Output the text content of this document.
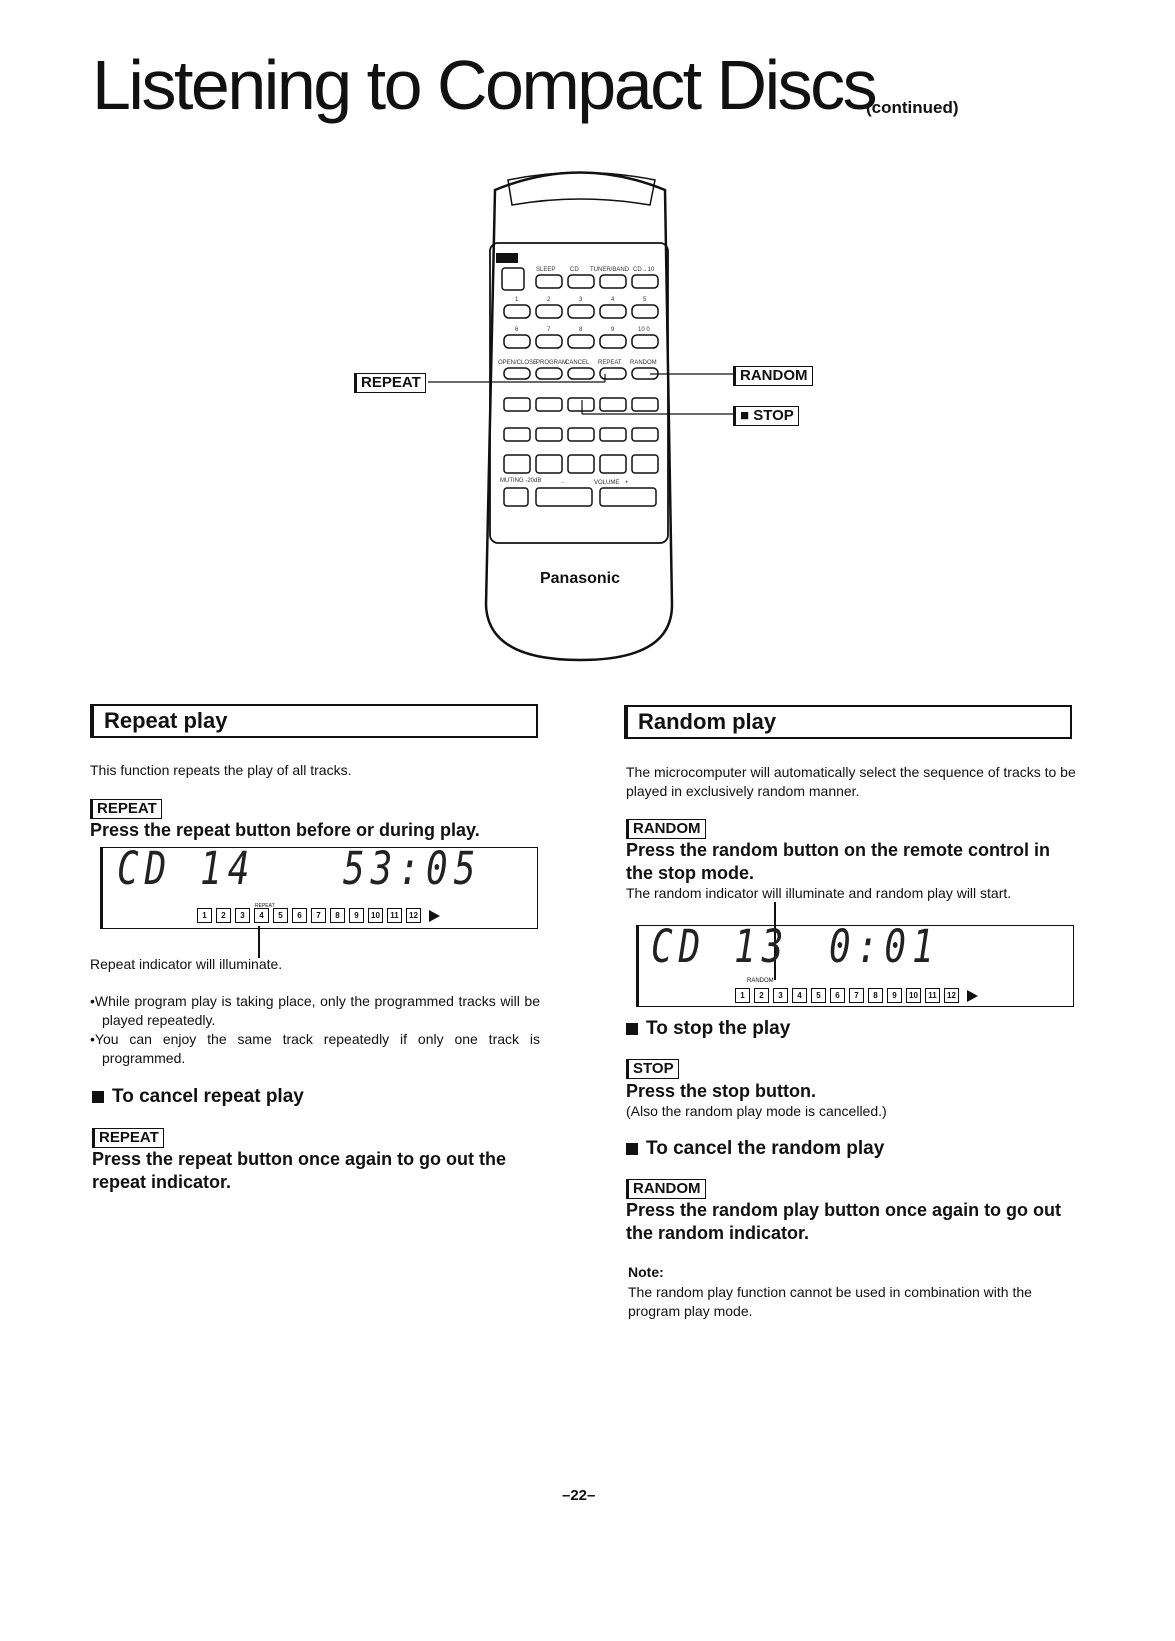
Listening to Compact Discs
(continued)
SLEEP CD TUNER/BAND CD→10
1	2	3	4	5
6	7	8	9	10 0
OPEN/CLOSE
PROGRAM
CANCEL REPEAT RANDOM
MUTING -20dB	-	VOLUME +
Panasonic
REPEAT	RANDOM
■ STOP
Repeat play
This function repeats the play of all tracks.
REPEAT
Press the repeat button before or during play.
CD 14 53:05
REPEAT
1	2	3	4	5	6	7	8	9	10	11	12
Repeat indicator will illuminate.
•While program play is taking place, only the programmed tracks will be played repeatedly.
•You can enjoy the same track repeatedly if only one track is programmed.
To cancel repeat play
REPEAT
Press the repeat button once again to go out the repeat indicator.
Random play
The microcomputer will automatically select the sequence of tracks to be played in exclusively random manner.
RANDOM
Press the random button on the remote control in the stop mode.
The random indicator will illuminate and random play will start.
CD 13 0:01
RANDOM
1	2	3	4	5	6	7	8	9	10	11	12
To stop the play
STOP
Press the stop button.
(Also the random play mode is cancelled.)
To cancel the random play
RANDOM
Press the random play button once again to go out the random indicator.
Note:
The random play function cannot be used in combination with the program play mode.
–22–
